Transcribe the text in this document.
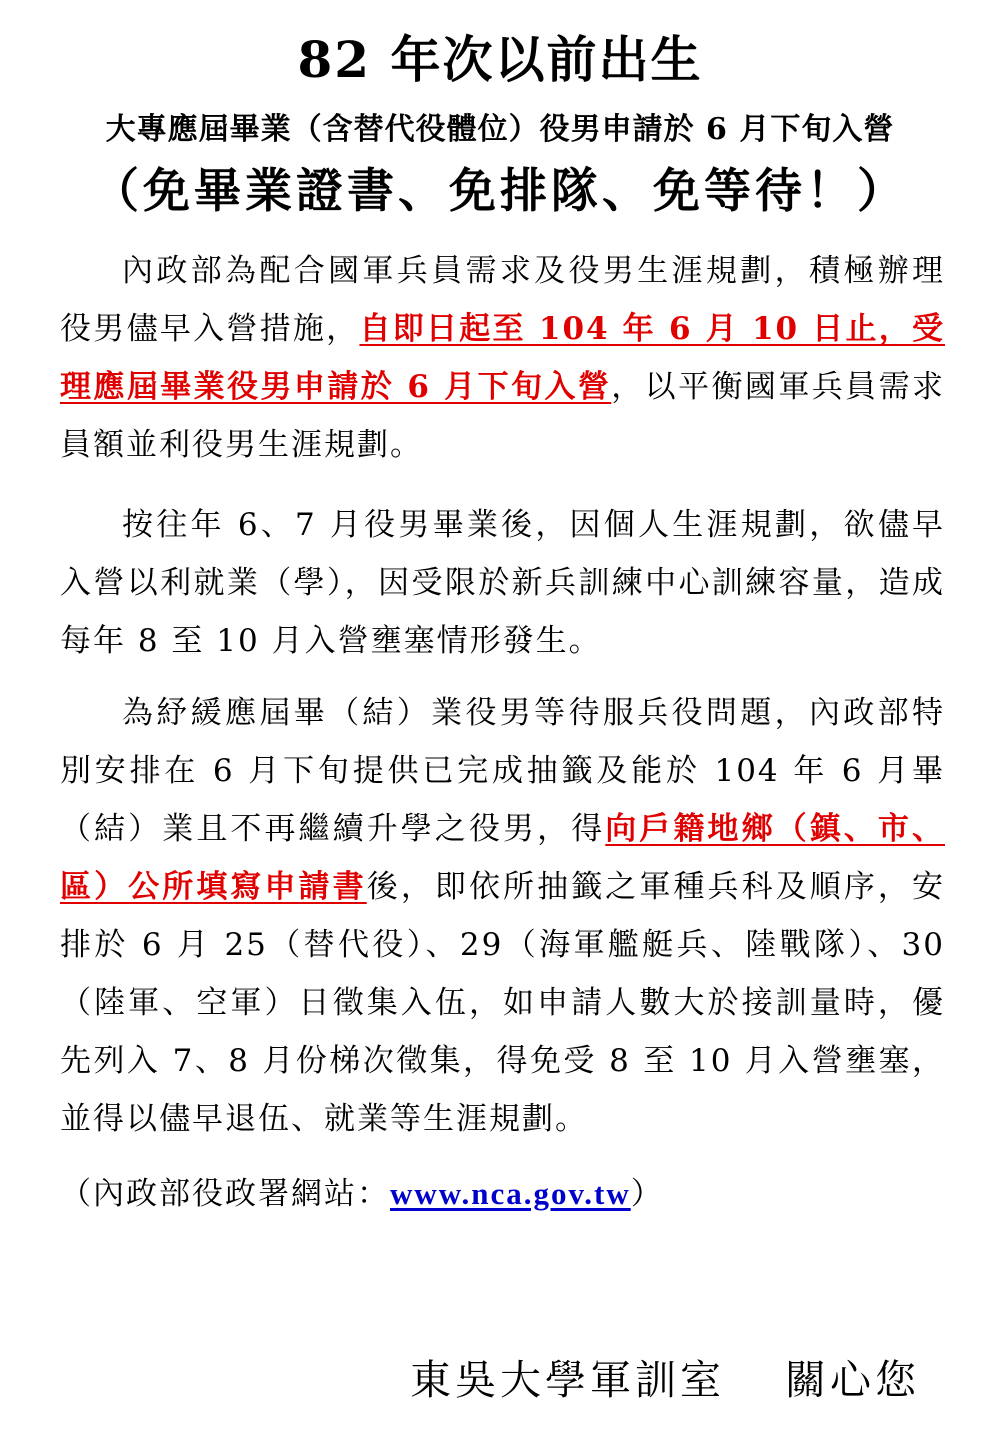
82 年次以前出生
大專應屆畢業（含替代役體位）役男申請於 6 月下旬入營
（免畢業證書、免排隊、免等待！）

內政部為配合國軍兵員需求及役男生涯規劃，積極辦理役男儘早入營措施，自即日起至 104 年 6 月 10 日止，受理應屆畢業役男申請於 6 月下旬入營，以平衡國軍兵員需求員額並利役男生涯規劃。

按往年 6、7 月役男畢業後，因個人生涯規劃，欲儘早入營以利就業（學），因受限於新兵訓練中心訓練容量，造成每年 8 至 10 月入營壅塞情形發生。

為紓緩應屆畢（結）業役男等待服兵役問題，內政部特別安排在 6 月下旬提供已完成抽籤及能於 104 年 6 月畢（結）業且不再繼續升學之役男，得向戶籍地鄉（鎮、市、區）公所填寫申請書後，即依所抽籤之軍種兵科及順序，安排於 6 月 25（替代役）、29（海軍艦艇兵、陸戰隊）、30（陸軍、空軍）日徵集入伍，如申請人數大於接訓量時，優先列入 7、8 月份梯次徵集，得免受 8 至 10 月入營壅塞，並得以儘早退伍、就業等生涯規劃。

（內政部役政署網站：www.nca.gov.tw）
東吳大學軍訓室 關心您
